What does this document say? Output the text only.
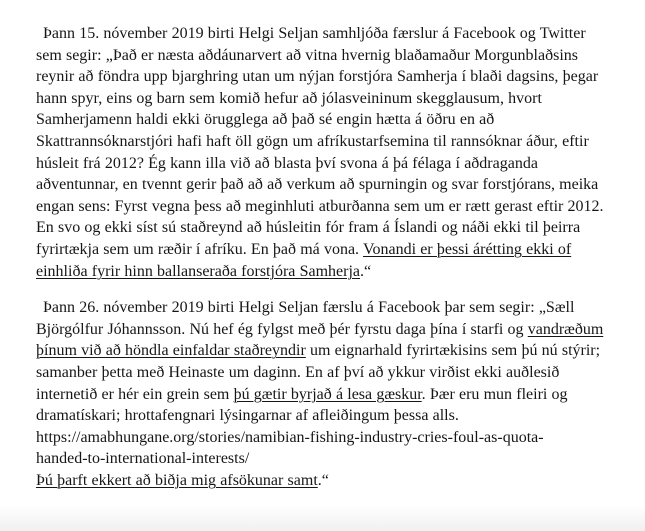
Þann 15. nóvember 2019 birti Helgi Seljan samhljóða færslur á Facebook og Twitter sem segir: „Það er næsta aðdáunarvert að vitna hvernig blaðamaður Morgunblaðsins reynir að föndra upp bjarghring utan um nýjan forstjóra Samherja í blaði dagsins, þegar hann spyr, eins og barn sem komið hefur að jólasveininum skegglausum, hvort Samherjamenn haldi ekki örugglega að það sé engin hætta á öðru en að Skattrannsóknarstjóri hafi haft öll gögn um afríkustarfsemina til rannsóknar áður, eftir húsleit frá 2012? Ég kann illa við að blasta því svona á þá félaga í aðdraganda aðventunnar, en tvennt gerir það að að verkum að spurningin og svar forstjórans, meika engan sens: Fyrst vegna þess að meginhluti atburðanna sem um er rætt gerast eftir 2012. En svo og ekki síst sú staðreynd að húsleitin fór fram á Íslandi og náði ekki til þeirra fyrirtækja sem um ræðir í afríku. En það má vona. Vonandi er þessi árétting ekki of einhliða fyrir hinn ballanseraða forstjóra Samherja.“

Þann 26. nóvember 2019 birti Helgi Seljan færslu á Facebook þar sem segir: „Sæll Björgólfur Jóhannsson. Nú hef ég fylgst með þér fyrstu daga þína í starfi og vandræðum þínum við að höndla einfaldar staðreyndir um eignarhald fyrirtækisins sem þú nú stýrir; samanber þetta með Heinaste um daginn. En af því að ykkur virðist ekki auðlesið internetið er hér ein grein sem þú gætir byrjað á lesa gæskur. Þær eru mun fleiri og dramatískari; hrottafengnari lýsingarnar af afleiðingum þessa alls.
https://amabhungane.org/stories/namibian-fishing-industry-cries-foul-as-quota-
handed-to-international-interests/
Þú þarft ekkert að biðja mig afsökunar samt.“
